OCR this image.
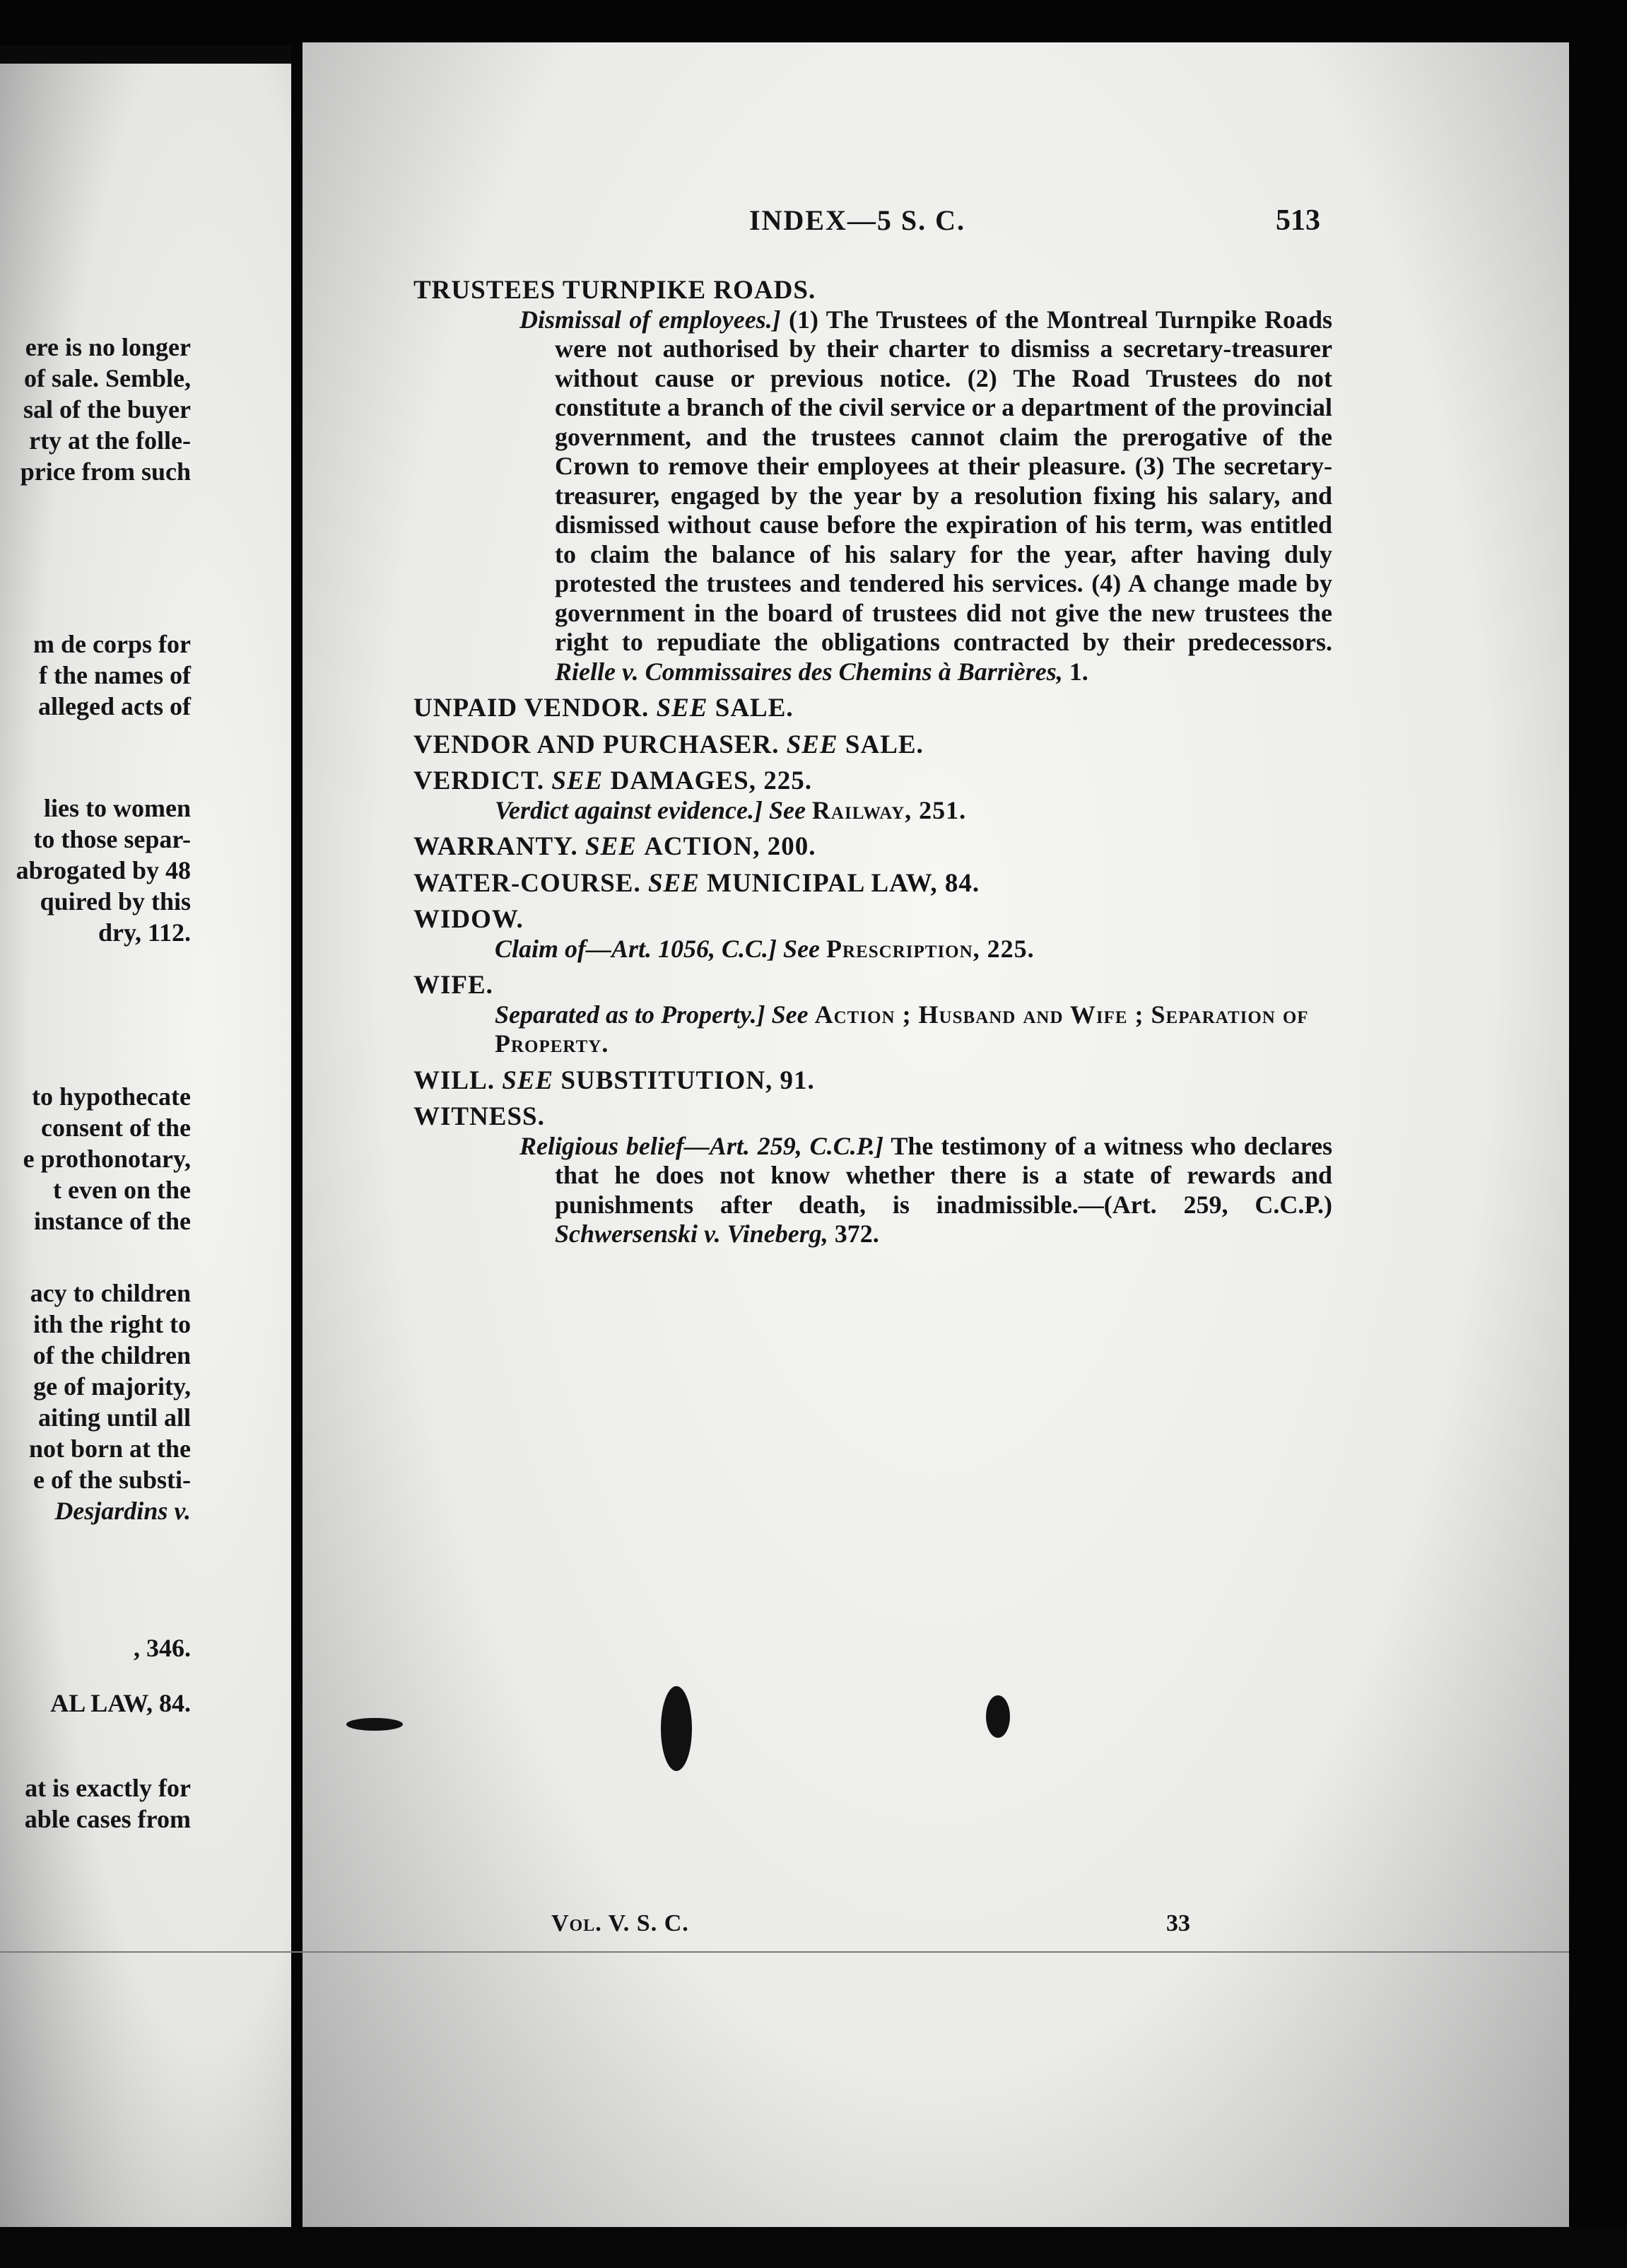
ere is no longer
of sale. Semble,
sal of the buyer
rty at the folle-
price from such
m de corps for
f the names of
alleged acts of
lies to women
to those separ-
abrogated by 48
quired by this
dry, 112.
to hypothecate
consent of the
e prothonotary,
t even on the
instance of the
acy to children
ith the right to
of the children
ge of majority,
aiting until all
not born at the
e of the substi-
Desjardins v.
, 346.
AL LAW, 84.
at is exactly for
able cases from
INDEX—5 S. C.	513
TRUSTEES TURNPIKE ROADS.
Dismissal of employees.] (1) The Trustees of the Montreal Turnpike Roads were not authorised by their charter to dismiss a secretary-treasurer without cause or previous notice. (2) The Road Trustees do not constitute a branch of the civil service or a department of the provincial government, and the trustees cannot claim the prerogative of the Crown to remove their employees at their pleasure. (3) The secretary-treasurer, engaged by the year by a resolution fixing his salary, and dismissed without cause before the expiration of his term, was entitled to claim the balance of his salary for the year, after having duly protested the trustees and tendered his services. (4) A change made by government in the board of trustees did not give the new trustees the right to repudiate the obligations contracted by their predecessors. Rielle v. Commissaires des Chemins à Barrières, 1.
UNPAID VENDOR. SEE SALE.
VENDOR AND PURCHASER. SEE SALE.
VERDICT. SEE DAMAGES, 225.
Verdict against evidence.] See Railway, 251.
WARRANTY. SEE ACTION, 200.
WATER-COURSE. SEE MUNICIPAL LAW, 84.
WIDOW.
Claim of—Art. 1056, C.C.] See Prescription, 225.
WIFE.
Separated as to Property.] See Action ; Husband and Wife ; Separation of Property.
WILL. SEE SUBSTITUTION, 91.
WITNESS.
Religious belief—Art. 259, C.C.P.] The testimony of a witness who declares that he does not know whether there is a state of rewards and punishments after death, is inadmissible.—(Art. 259, C.C.P.) Schwersenski v. Vineberg, 372.
Vol. V. S. C.	33
